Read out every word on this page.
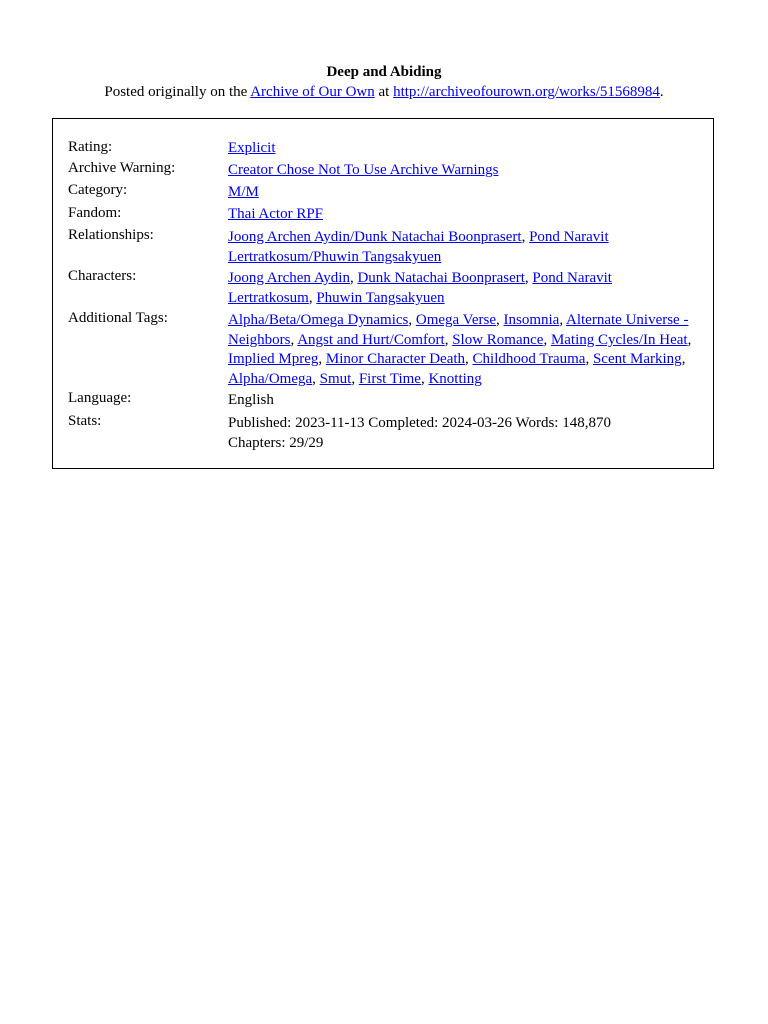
Deep and Abiding
Posted originally on the Archive of Our Own at http://archiveofourown.org/works/51568984.
Rating:	Explicit
Archive Warning:	Creator Chose Not To Use Archive Warnings
Category:	M/M
Fandom:	Thai Actor RPF
Relationships:	Joong Archen Aydin/Dunk Natachai Boonprasert, Pond Naravit Lertratkosum/Phuwin Tangsakyuen
Characters:	Joong Archen Aydin, Dunk Natachai Boonprasert, Pond Naravit Lertratkosum, Phuwin Tangsakyuen
Additional Tags:	Alpha/Beta/Omega Dynamics, Omega Verse, Insomnia, Alternate Universe - Neighbors, Angst and Hurt/Comfort, Slow Romance, Mating Cycles/In Heat, Implied Mpreg, Minor Character Death, Childhood Trauma, Scent Marking, Alpha/Omega, Smut, First Time, Knotting
Language:	English
Stats:	Published: 2023-11-13 Completed: 2024-03-26 Words: 148,870
Chapters: 29/29
